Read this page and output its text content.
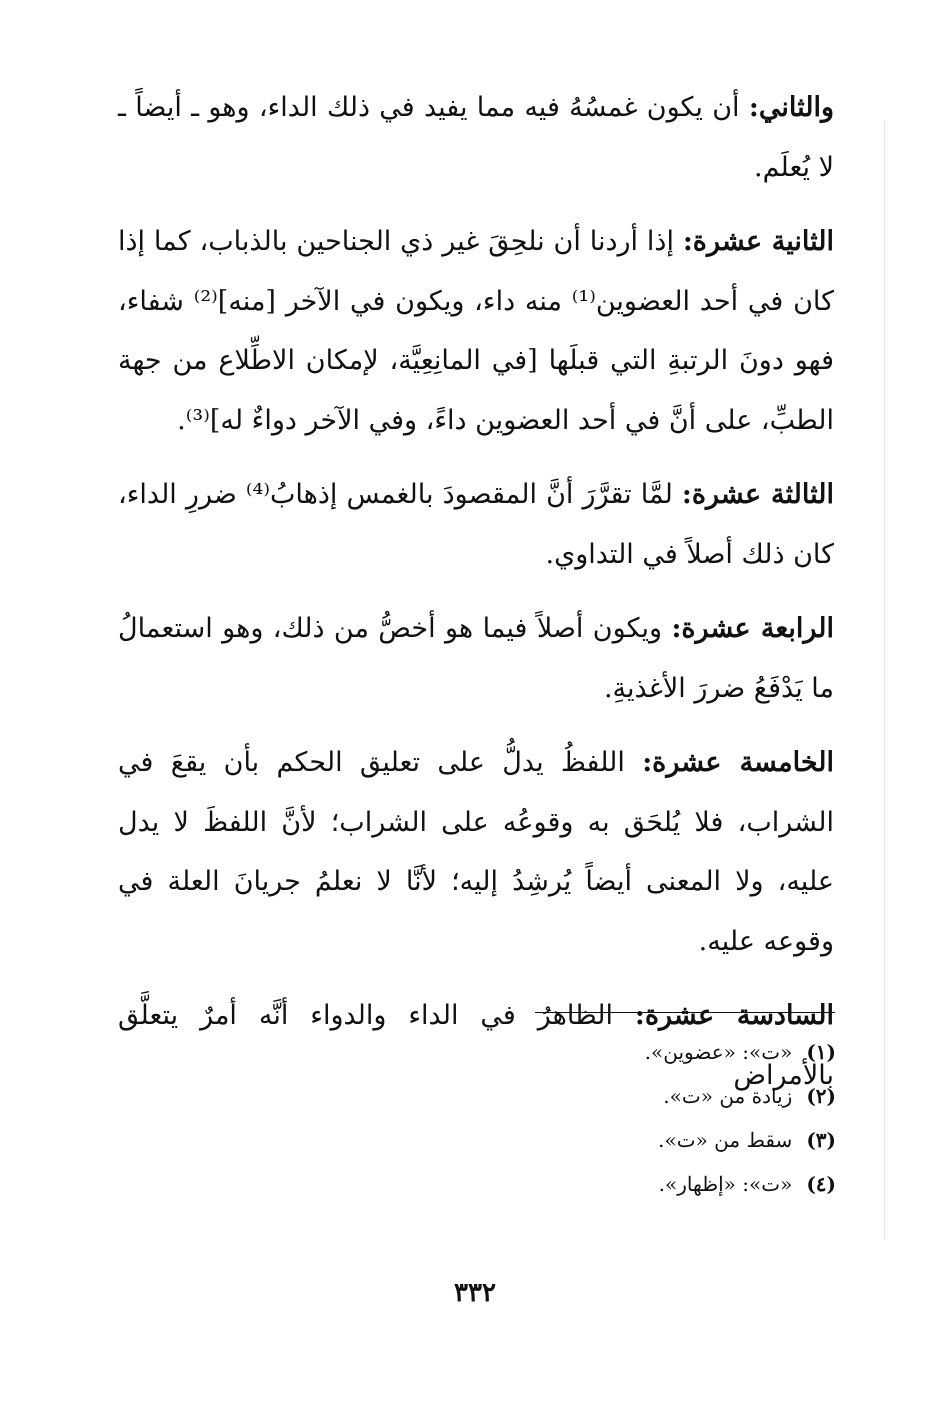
والثاني: أن يكون غمسُهُ فيه مما يفيد في ذلك الداء، وهو ـ أيضاً ـ لا يُعلَم.

الثانية عشرة: إذا أردنا أن نلحِقَ غير ذي الجناحين بالذباب، كما إذا كان في أحد العضوين⁽¹⁾ منه داء، ويكون في الآخر [منه]⁽²⁾ شفاء، فهو دونَ الرتبةِ التي قبلَها [في المانِعِيَّة، لإمكان الاطِّلاع من جهة الطبِّ، على أنَّ في أحد العضوين داءً، وفي الآخر دواءٌ له]⁽³⁾.

الثالثة عشرة: لمَّا تقرَّرَ أنَّ المقصودَ بالغمس إذهابُ⁽⁴⁾ ضررِ الداء، كان ذلك أصلاً في التداوي.

الرابعة عشرة: ويكون أصلاً فيما هو أخصُّ من ذلك، وهو استعمالُ ما يَدْفَعُ ضررَ الأغذيةِ.

الخامسة عشرة: اللفظُ يدلُّ على تعليق الحكم بأن يقعَ في الشراب، فلا يُلحَق به وقوعُه على الشراب؛ لأنَّ اللفظَ لا يدل عليه، ولا المعنى أيضاً يُرشِدُ إليه؛ لأنَّا لا نعلمُ جريانَ العلة في وقوعه عليه.

السادسة عشرة: الظاهرُ في الداء والدواء أنَّه أمرٌ يتعلَّق بالأمراض

(١)«ت»: «عضوين».

(٢)زيادة من «ت».

(٣)سقط من «ت».

(٤)«ت»: «إظهار».

٣٣٢
